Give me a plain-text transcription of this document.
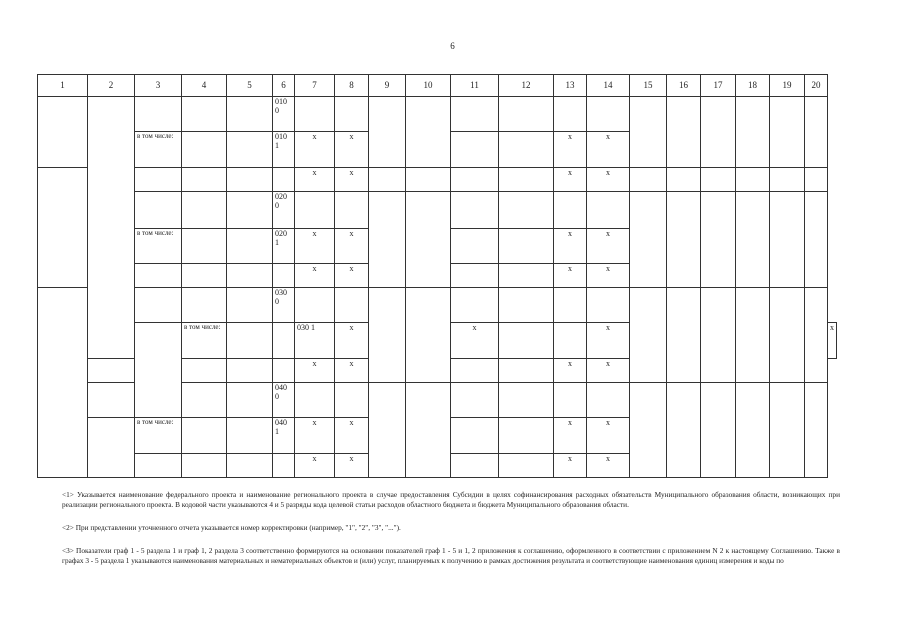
6
1	2	3	4	5	6	7	8	9	10	11	12	13	14	15	16	17	18	19	20	
					010 0															
		в том числе:			010 1	х	х					х	х							
						х	х					х	х							
					020 0															
		в том числе:			020 1	х	х					х	х							
						х	х					х	х							
					030 0															
			в том числе:			030 1	х			х			х							х
						х	х					х	х							
					040 0															
		в том числе:			040 1	х	х					х	х							
						х	х					х	х							

<1> Указывается наименование федерального проекта и наименование регионального проекта в случае предоставления Субсидии в целях софинансирования расходных обязательств Муниципального образования области, возникающих при реализации регионального проекта. В кодовой части указываются 4 и 5 разряды кода целевой статьи расходов областного бюджета и бюджета Муниципального образования области.

<2> При представлении уточненного отчета указывается номер корректировки (например, "1", "2", "3", "...").

<3> Показатели граф 1 - 5 раздела 1 и граф 1, 2 раздела 3 соответственно формируются на основании показателей граф 1 - 5 и 1, 2 приложения к соглашению, оформленного в соответствии с приложением N 2 к настоящему Соглашению. Также в графах 3 - 5 раздела 1 указываются наименования материальных и нематериальных объектов и (или) услуг, планируемых к получению в рамках достижения результата и соответствующие наименования единиц измерения и коды по
